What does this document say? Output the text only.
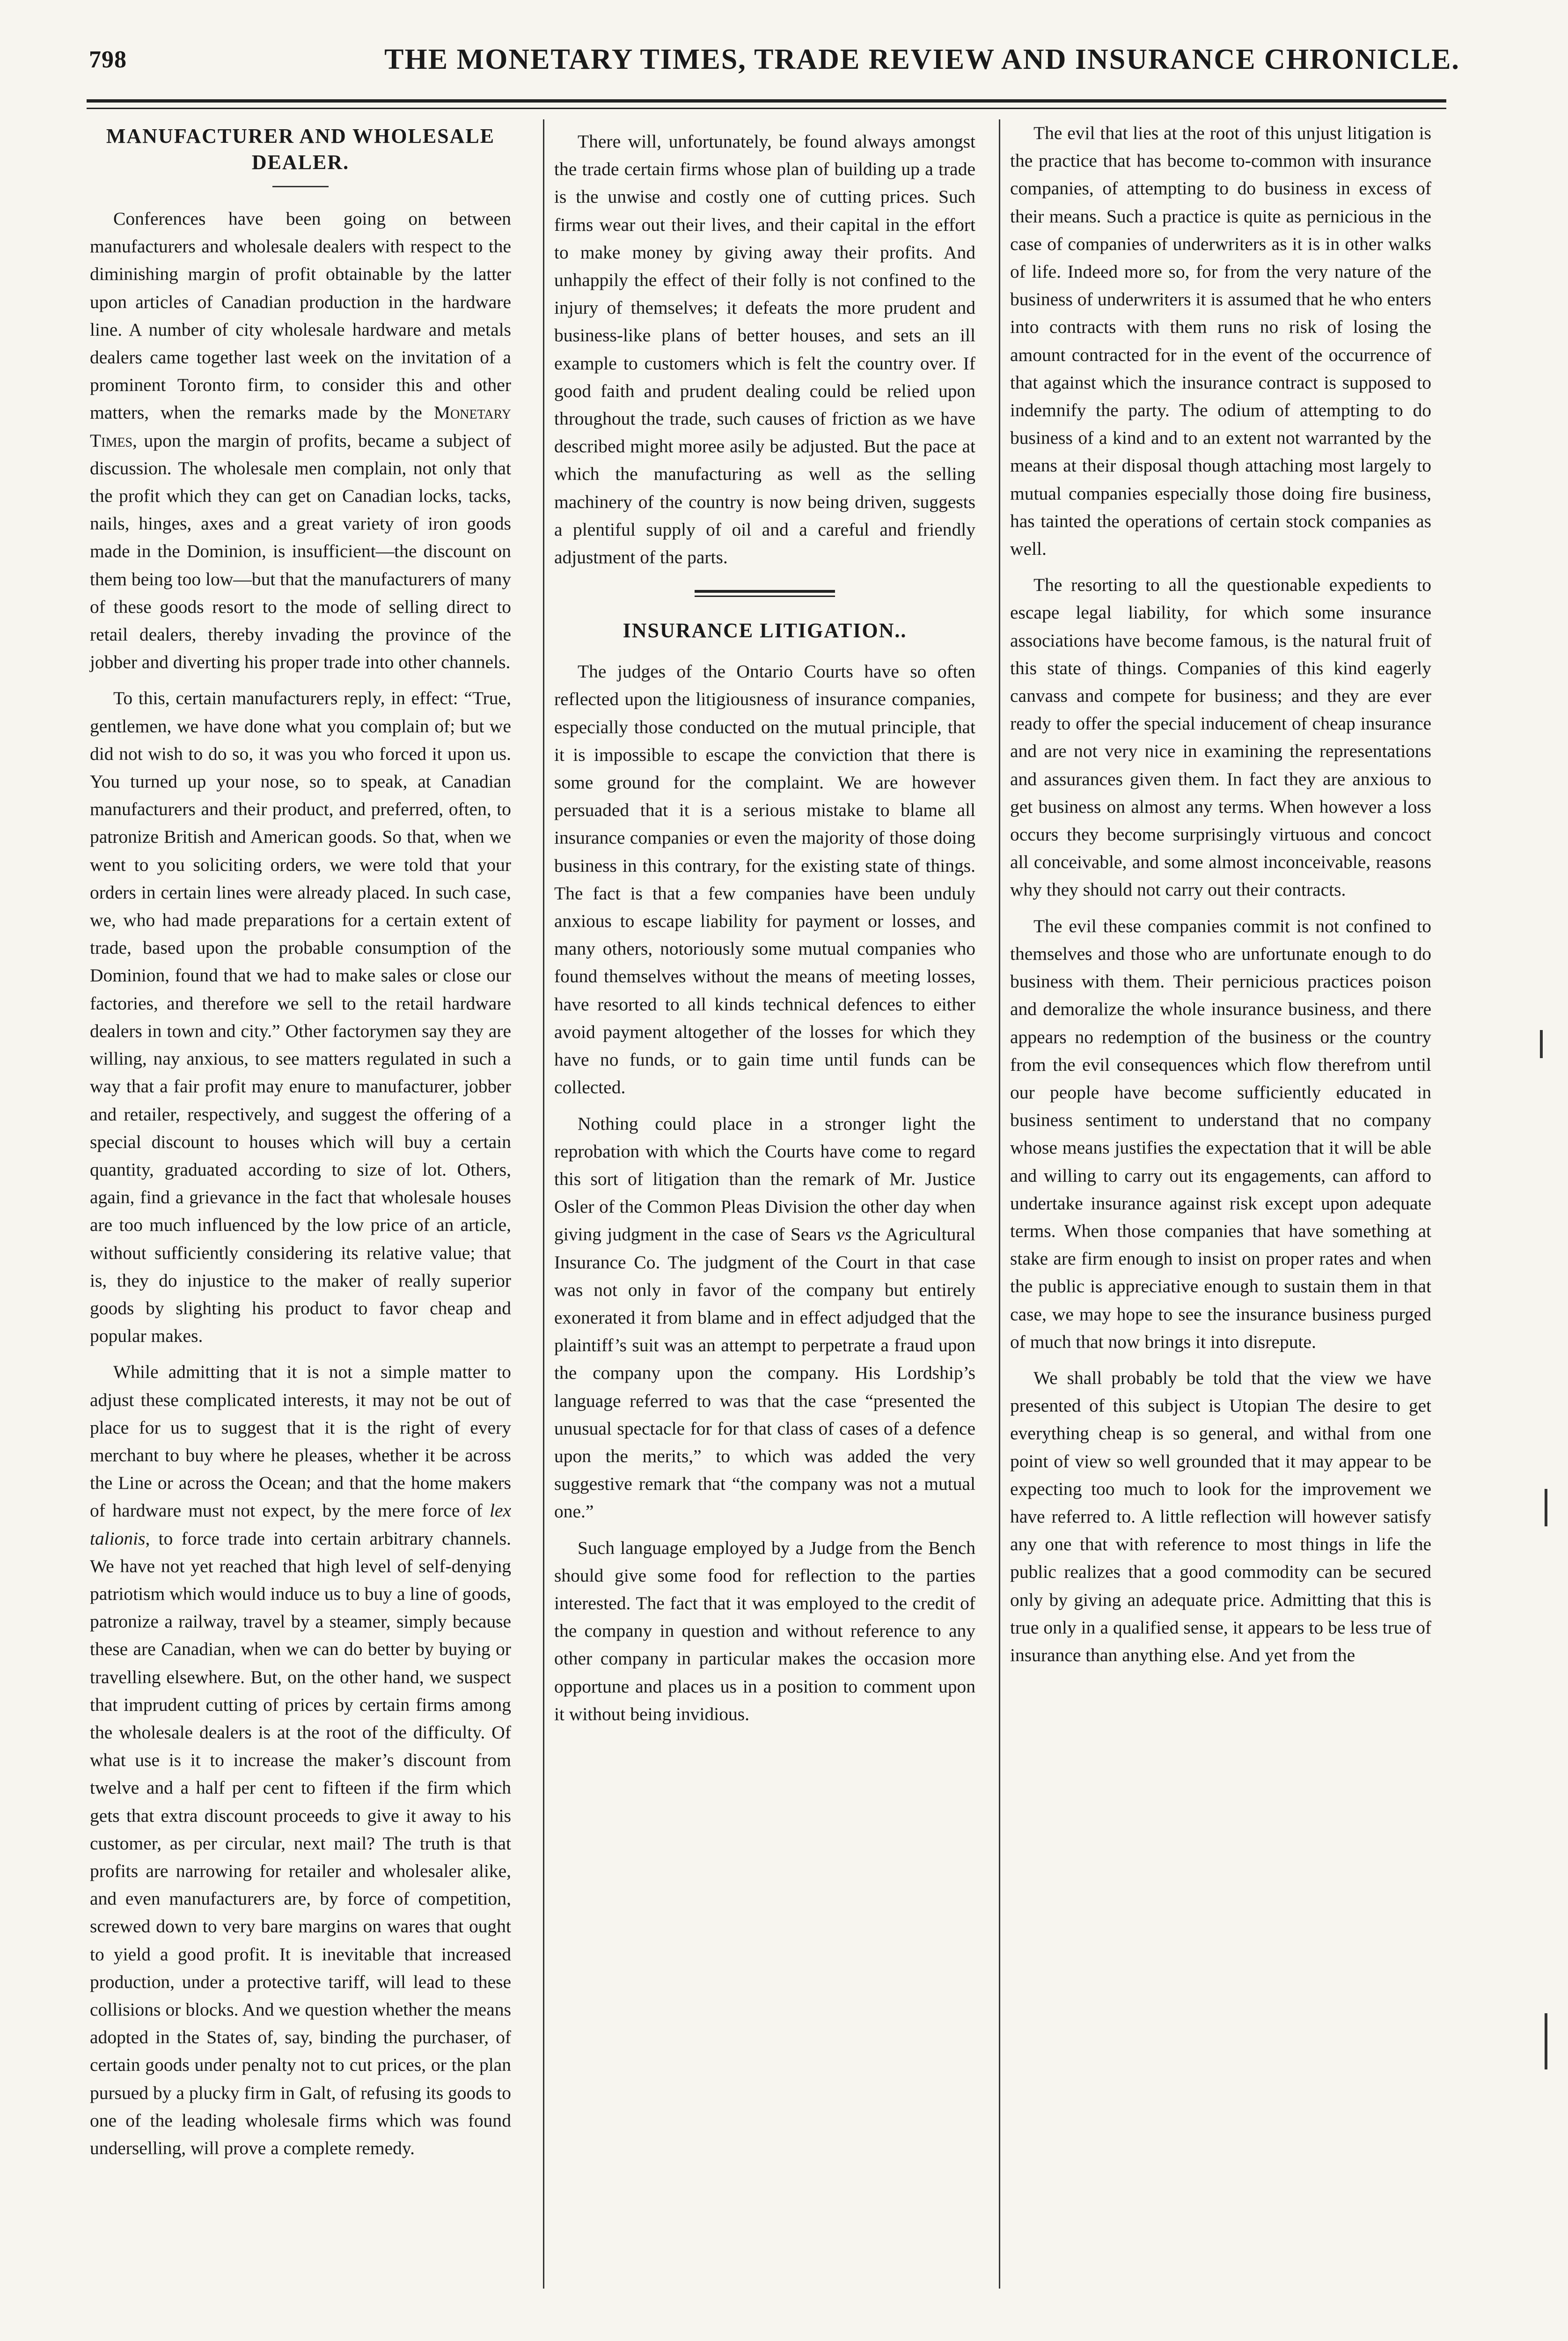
798	THE MONETARY TIMES, TRADE REVIEW AND INSURANCE CHRONICLE.
MANUFACTURER AND WHOLESALE DEALER.

Conferences have been going on between manufacturers and wholesale dealers with respect to the diminishing margin of profit obtainable by the latter upon articles of Canadian production in the hardware line. A number of city wholesale hardware and metals dealers came together last week on the invitation of a prominent Toronto firm, to consider this and other matters, when the remarks made by the Monetary Times, upon the margin of profits, became a subject of discussion. The wholesale men complain, not only that the profit which they can get on Canadian locks, tacks, nails, hinges, axes and a great variety of iron goods made in the Dominion, is insufficient—the discount on them being too low—but that the manufacturers of many of these goods resort to the mode of selling direct to retail dealers, thereby invading the province of the jobber and diverting his proper trade into other channels.

To this, certain manufacturers reply, in effect: “True, gentlemen, we have done what you complain of; but we did not wish to do so, it was you who forced it upon us. You turned up your nose, so to speak, at Canadian manufacturers and their product, and preferred, often, to patronize British and American goods. So that, when we went to you soliciting orders, we were told that your orders in certain lines were already placed. In such case, we, who had made preparations for a certain extent of trade, based upon the probable consumption of the Dominion, found that we had to make sales or close our factories, and therefore we sell to the retail hardware dealers in town and city.” Other factorymen say they are willing, nay anxious, to see matters regulated in such a way that a fair profit may enure to manufacturer, jobber and retailer, respectively, and suggest the offering of a special discount to houses which will buy a certain quantity, graduated according to size of lot. Others, again, find a grievance in the fact that wholesale houses are too much influenced by the low price of an article, without sufficiently considering its relative value; that is, they do injustice to the maker of really superior goods by slighting his product to favor cheap and popular makes.

While admitting that it is not a simple matter to adjust these complicated interests, it may not be out of place for us to suggest that it is the right of every merchant to buy where he pleases, whether it be across the Line or across the Ocean; and that the home makers of hardware must not expect, by the mere force of lex talionis, to force trade into certain arbitrary channels. We have not yet reached that high level of self-denying patriotism which would induce us to buy a line of goods, patronize a railway, travel by a steamer, simply because these are Canadian, when we can do better by buying or travelling elsewhere. But, on the other hand, we suspect that imprudent cutting of prices by certain firms among the wholesale dealers is at the root of the difficulty. Of what use is it to increase the maker’s discount from twelve and a half per cent to fifteen if the firm which gets that extra discount proceeds to give it away to his customer, as per circular, next mail? The truth is that profits are narrowing for retailer and wholesaler alike, and even manufacturers are, by force of competition, screwed down to very bare margins on wares that ought to yield a good profit. It is inevitable that increased production, under a protective tariff, will lead to these collisions or blocks. And we question whether the means adopted in the States of, say, binding the purchaser, of certain goods under penalty not to cut prices, or the plan pursued by a plucky firm in Galt, of refusing its goods to one of the leading wholesale firms which was found underselling, will prove a complete remedy.

There will, unfortunately, be found always amongst the trade certain firms whose plan of building up a trade is the unwise and costly one of cutting prices. Such firms wear out their lives, and their capital in the effort to make money by giving away their profits. And unhappily the effect of their folly is not confined to the injury of themselves; it defeats the more prudent and business-like plans of better houses, and sets an ill example to customers which is felt the country over. If good faith and prudent dealing could be relied upon throughout the trade, such causes of friction as we have described might moree asily be adjusted. But the pace at which the manufacturing as well as the selling machinery of the country is now being driven, suggests a plentiful supply of oil and a careful and friendly adjustment of the parts.

INSURANCE LITIGATION..

The judges of the Ontario Courts have so often reflected upon the litigiousness of insurance companies, especially those conducted on the mutual principle, that it is impossible to escape the conviction that there is some ground for the complaint. We are however persuaded that it is a serious mistake to blame all insurance companies or even the majority of those doing business in this contrary, for the existing state of things. The fact is that a few companies have been unduly anxious to escape liability for payment or losses, and many others, notoriously some mutual companies who found themselves without the means of meeting losses, have resorted to all kinds technical defences to either avoid payment altogether of the losses for which they have no funds, or to gain time until funds can be collected.

Nothing could place in a stronger light the reprobation with which the Courts have come to regard this sort of litigation than the remark of Mr. Justice Osler of the Common Pleas Division the other day when giving judgment in the case of Sears vs the Agricultural Insurance Co. The judgment of the Court in that case was not only in favor of the company but entirely exonerated it from blame and in effect adjudged that the plaintiff’s suit was an attempt to perpetrate a fraud upon the company upon the company. His Lordship’s language referred to was that the case “presented the unusual spectacle for for that class of cases of a defence upon the merits,” to which was added the very suggestive remark that “the company was not a mutual one.”

Such language employed by a Judge from the Bench should give some food for reflection to the parties interested. The fact that it was employed to the credit of the company in question and without reference to any other company in particular makes the occasion more opportune and places us in a position to comment upon it without being invidious.

The evil that lies at the root of this unjust litigation is the practice that has become to-common with insurance companies, of attempting to do business in excess of their means. Such a practice is quite as pernicious in the case of companies of underwriters as it is in other walks of life. Indeed more so, for from the very nature of the business of underwriters it is assumed that he who enters into contracts with them runs no risk of losing the amount contracted for in the event of the occurrence of that against which the insurance contract is supposed to indemnify the party. The odium of attempting to do business of a kind and to an extent not warranted by the means at their disposal though attaching most largely to mutual companies especially those doing fire business, has tainted the operations of certain stock companies as well.

The resorting to all the questionable expedients to escape legal liability, for which some insurance associations have become famous, is the natural fruit of this state of things. Companies of this kind eagerly canvass and compete for business; and they are ever ready to offer the special inducement of cheap insurance and are not very nice in examining the representations and assurances given them. In fact they are anxious to get business on almost any terms. When however a loss occurs they become surprisingly virtuous and concoct all conceivable, and some almost inconceivable, reasons why they should not carry out their contracts.

The evil these companies commit is not confined to themselves and those who are unfortunate enough to do business with them. Their pernicious practices poison and demoralize the whole insurance business, and there appears no redemption of the business or the country from the evil consequences which flow therefrom until our people have become sufficiently educated in business sentiment to understand that no company whose means justifies the expectation that it will be able and willing to carry out its engagements, can afford to undertake insurance against risk except upon adequate terms. When those companies that have something at stake are firm enough to insist on proper rates and when the public is appreciative enough to sustain them in that case, we may hope to see the insurance business purged of much that now brings it into disrepute.

We shall probably be told that the view we have presented of this subject is Utopian The desire to get everything cheap is so general, and withal from one point of view so well grounded that it may appear to be expecting too much to look for the improvement we have referred to. A little reflection will however satisfy any one that with reference to most things in life the public realizes that a good commodity can be secured only by giving an adequate price. Admitting that this is true only in a qualified sense, it appears to be less true of insurance than anything else. And yet from the
